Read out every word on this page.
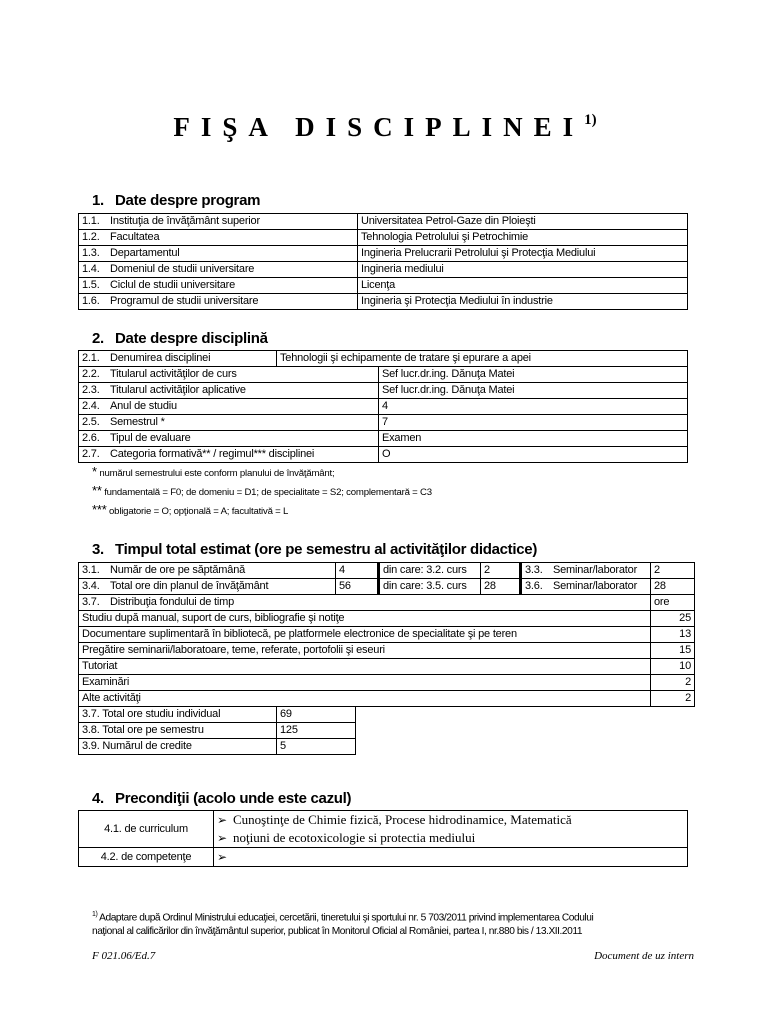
FIŞA DISCIPLINEI$^{1)}$
1. Date despre program
1.1. Instituţia de învăţământ superior	Universitatea Petrol-Gaze din Ploieşti

1.2. Facultatea	Tehnologia Petrolului şi Petrochimie

1.3. Departamentul	Ingineria Prelucrarii Petrolului şi Protecţia Mediului

1.4. Domeniul de studii universitare	Ingineria mediului

1.5. Ciclul de studii universitare	Licenţa

1.6. Programul de studii universitare	Ingineria şi Protecţia Mediului în industrie
2. Date despre disciplină
2.1. Denumirea disciplinei	Tehnologii şi echipamente de tratare şi epurare a apei	

2.2. Titularul activităţilor de curs		Sef lucr.dr.ing. Dănuţa Matei

2.3. Titularul activităţilor aplicative		Sef lucr.dr.ing. Dănuţa Matei

2.4. Anul de studiu		4

2.5. Semestrul *		7

2.6. Tipul de evaluare		Examen

2.7. Categoria formativă** / regimul*** disciplinei		O
* numărul semestrului este conform planului de învăţământ;
** fundamentală = F0; de domeniu = D1; de specialitate = S2; complementară = C3
*** obligatorie = O; opţională = A; facultativă = L
3. Timpul total estimat (ore pe semestru al activităţilor didactice)
3.1. Număr de ore pe săptămână	4	din care: 3.2. curs	2	3.3. Seminar/laborator	2

3.4. Total ore din planul de învăţământ	56	din care: 3.5. curs	28	3.6. Seminar/laborator	28

3.7. Distribuţia fondului de timp					ore
Studiu după manual, suport de curs, bibliografie şi notiţe					25
Documentare suplimentară în bibliotecă, pe platformele electronice de specialitate şi pe teren					13
Pregătire seminarii/laboratoare, teme, referate, portofolii şi eseuri					15
Tutoriat					10
Examinări					2
Alte activităţi					2
3.7. Total ore studiu individual	69
3.8. Total ore pe semestru	125
3.9. Numărul de credite	5
4. Precondiţii (acolo unde este cazul)
4.1. de curriculum	➢ Cunoştinţe de Chimie fizică, Procese hidrodinamice, Matematică
➢ noţiuni de ecotoxicologie si protectia mediului

4.2. de competenţe	➢
$^{1)}$ Adaptare după Ordinul Ministrului educaţiei, cercetării, tineretului şi sportului nr. 5 703/2011 privind implementarea Codului
naţional al calificărilor din învăţământul superior, publicat în Monitorul Oficial al României, partea I, nr.880 bis / 13.XII.2011
F 021.06/Ed.7	Document de uz intern
